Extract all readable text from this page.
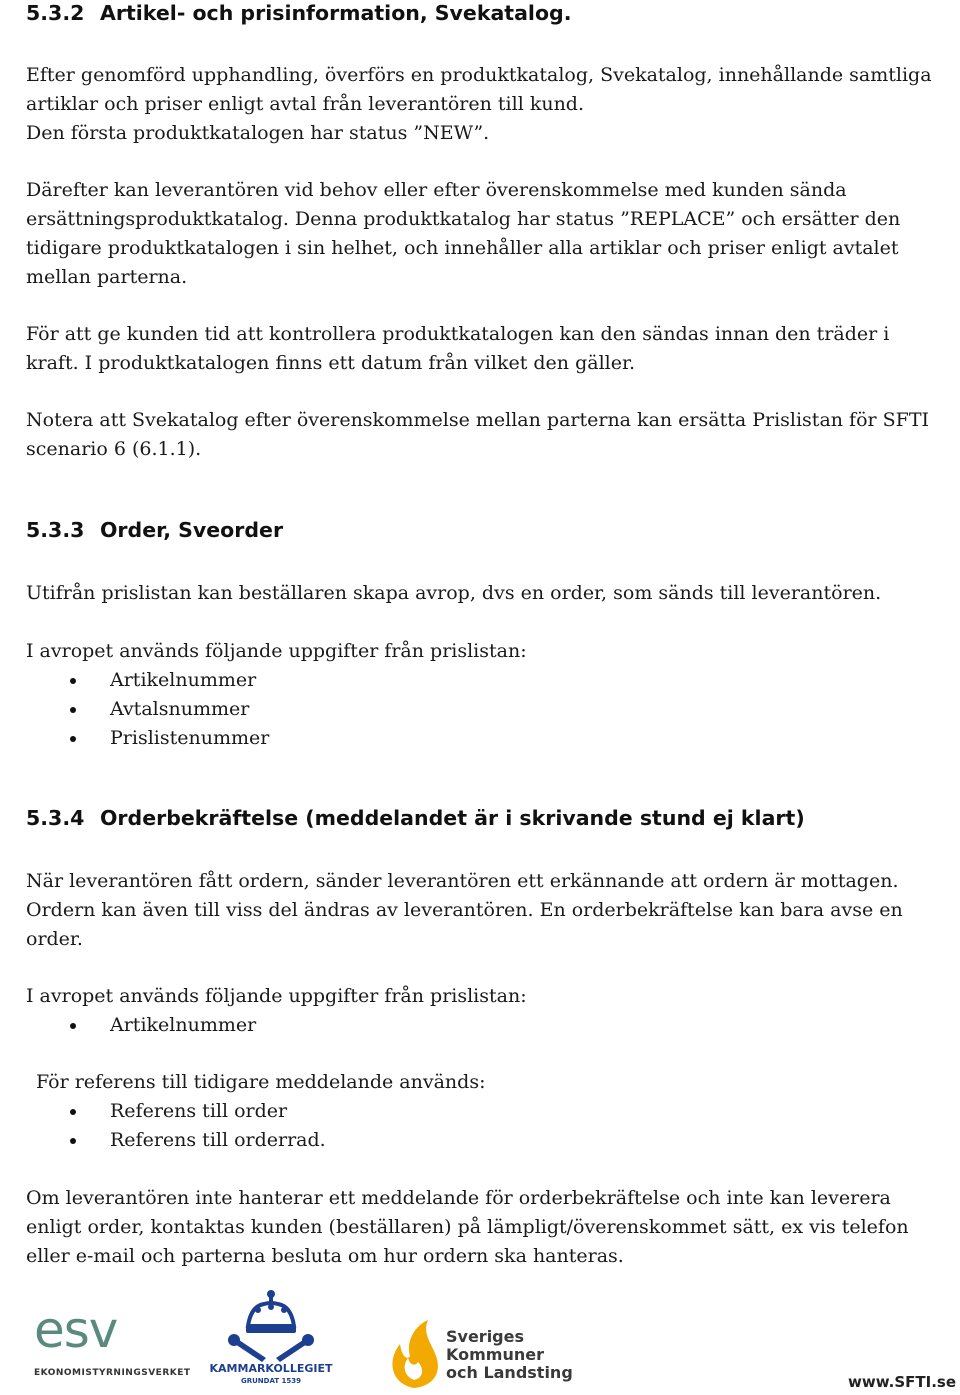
5.3.2 Artikel- och prisinformation, Svekatalog.

Efter genomförd upphandling, överförs en produktkatalog, Svekatalog, innehållande samtliga

artiklar och priser enligt avtal från leverantören till kund.

Den första produktkatalogen har status ”NEW”.

Därefter kan leverantören vid behov eller efter överenskommelse med kunden sända

ersättningsproduktkatalog. Denna produktkatalog har status ”REPLACE” och ersätter den

tidigare produktkatalogen i sin helhet, och innehåller alla artiklar och priser enligt avtalet

mellan parterna.

För att ge kunden tid att kontrollera produktkatalogen kan den sändas innan den träder i

kraft. I produktkatalogen finns ett datum från vilket den gäller.

Notera att Svekatalog efter överenskommelse mellan parterna kan ersätta Prislistan för SFTI

scenario 6 (6.1.1).

5.3.3 Order, Sveorder

Utifrån prislistan kan beställaren skapa avrop, dvs en order, som sänds till leverantören.

I avropet används följande uppgifter från prislistan:

Artikelnummer
Avtalsnummer
Prislistenummer
5.3.4 Orderbekräftelse (meddelandet är i skrivande stund ej klart)

När leverantören fått ordern, sänder leverantören ett erkännande att ordern är mottagen.

Ordern kan även till viss del ändras av leverantören. En orderbekräftelse kan bara avse en

order.

I avropet används följande uppgifter från prislistan:

Artikelnummer

För referens till tidigare meddelande används:

Referens till order
Referens till orderrad.

Om leverantören inte hanterar ett meddelande för orderbekräftelse och inte kan leverera

enligt order, kontaktas kunden (beställaren) på lämpligt/överenskommet sätt, ex vis telefon

eller e-mail och parterna besluta om hur ordern ska hanteras.

esv
EKONOMISTYRNINGSVERKET	KAMMARKOLLEGIET
GRUNDAT 1539
Sveriges
Kommuner
och Landsting	www.SFTI.se
